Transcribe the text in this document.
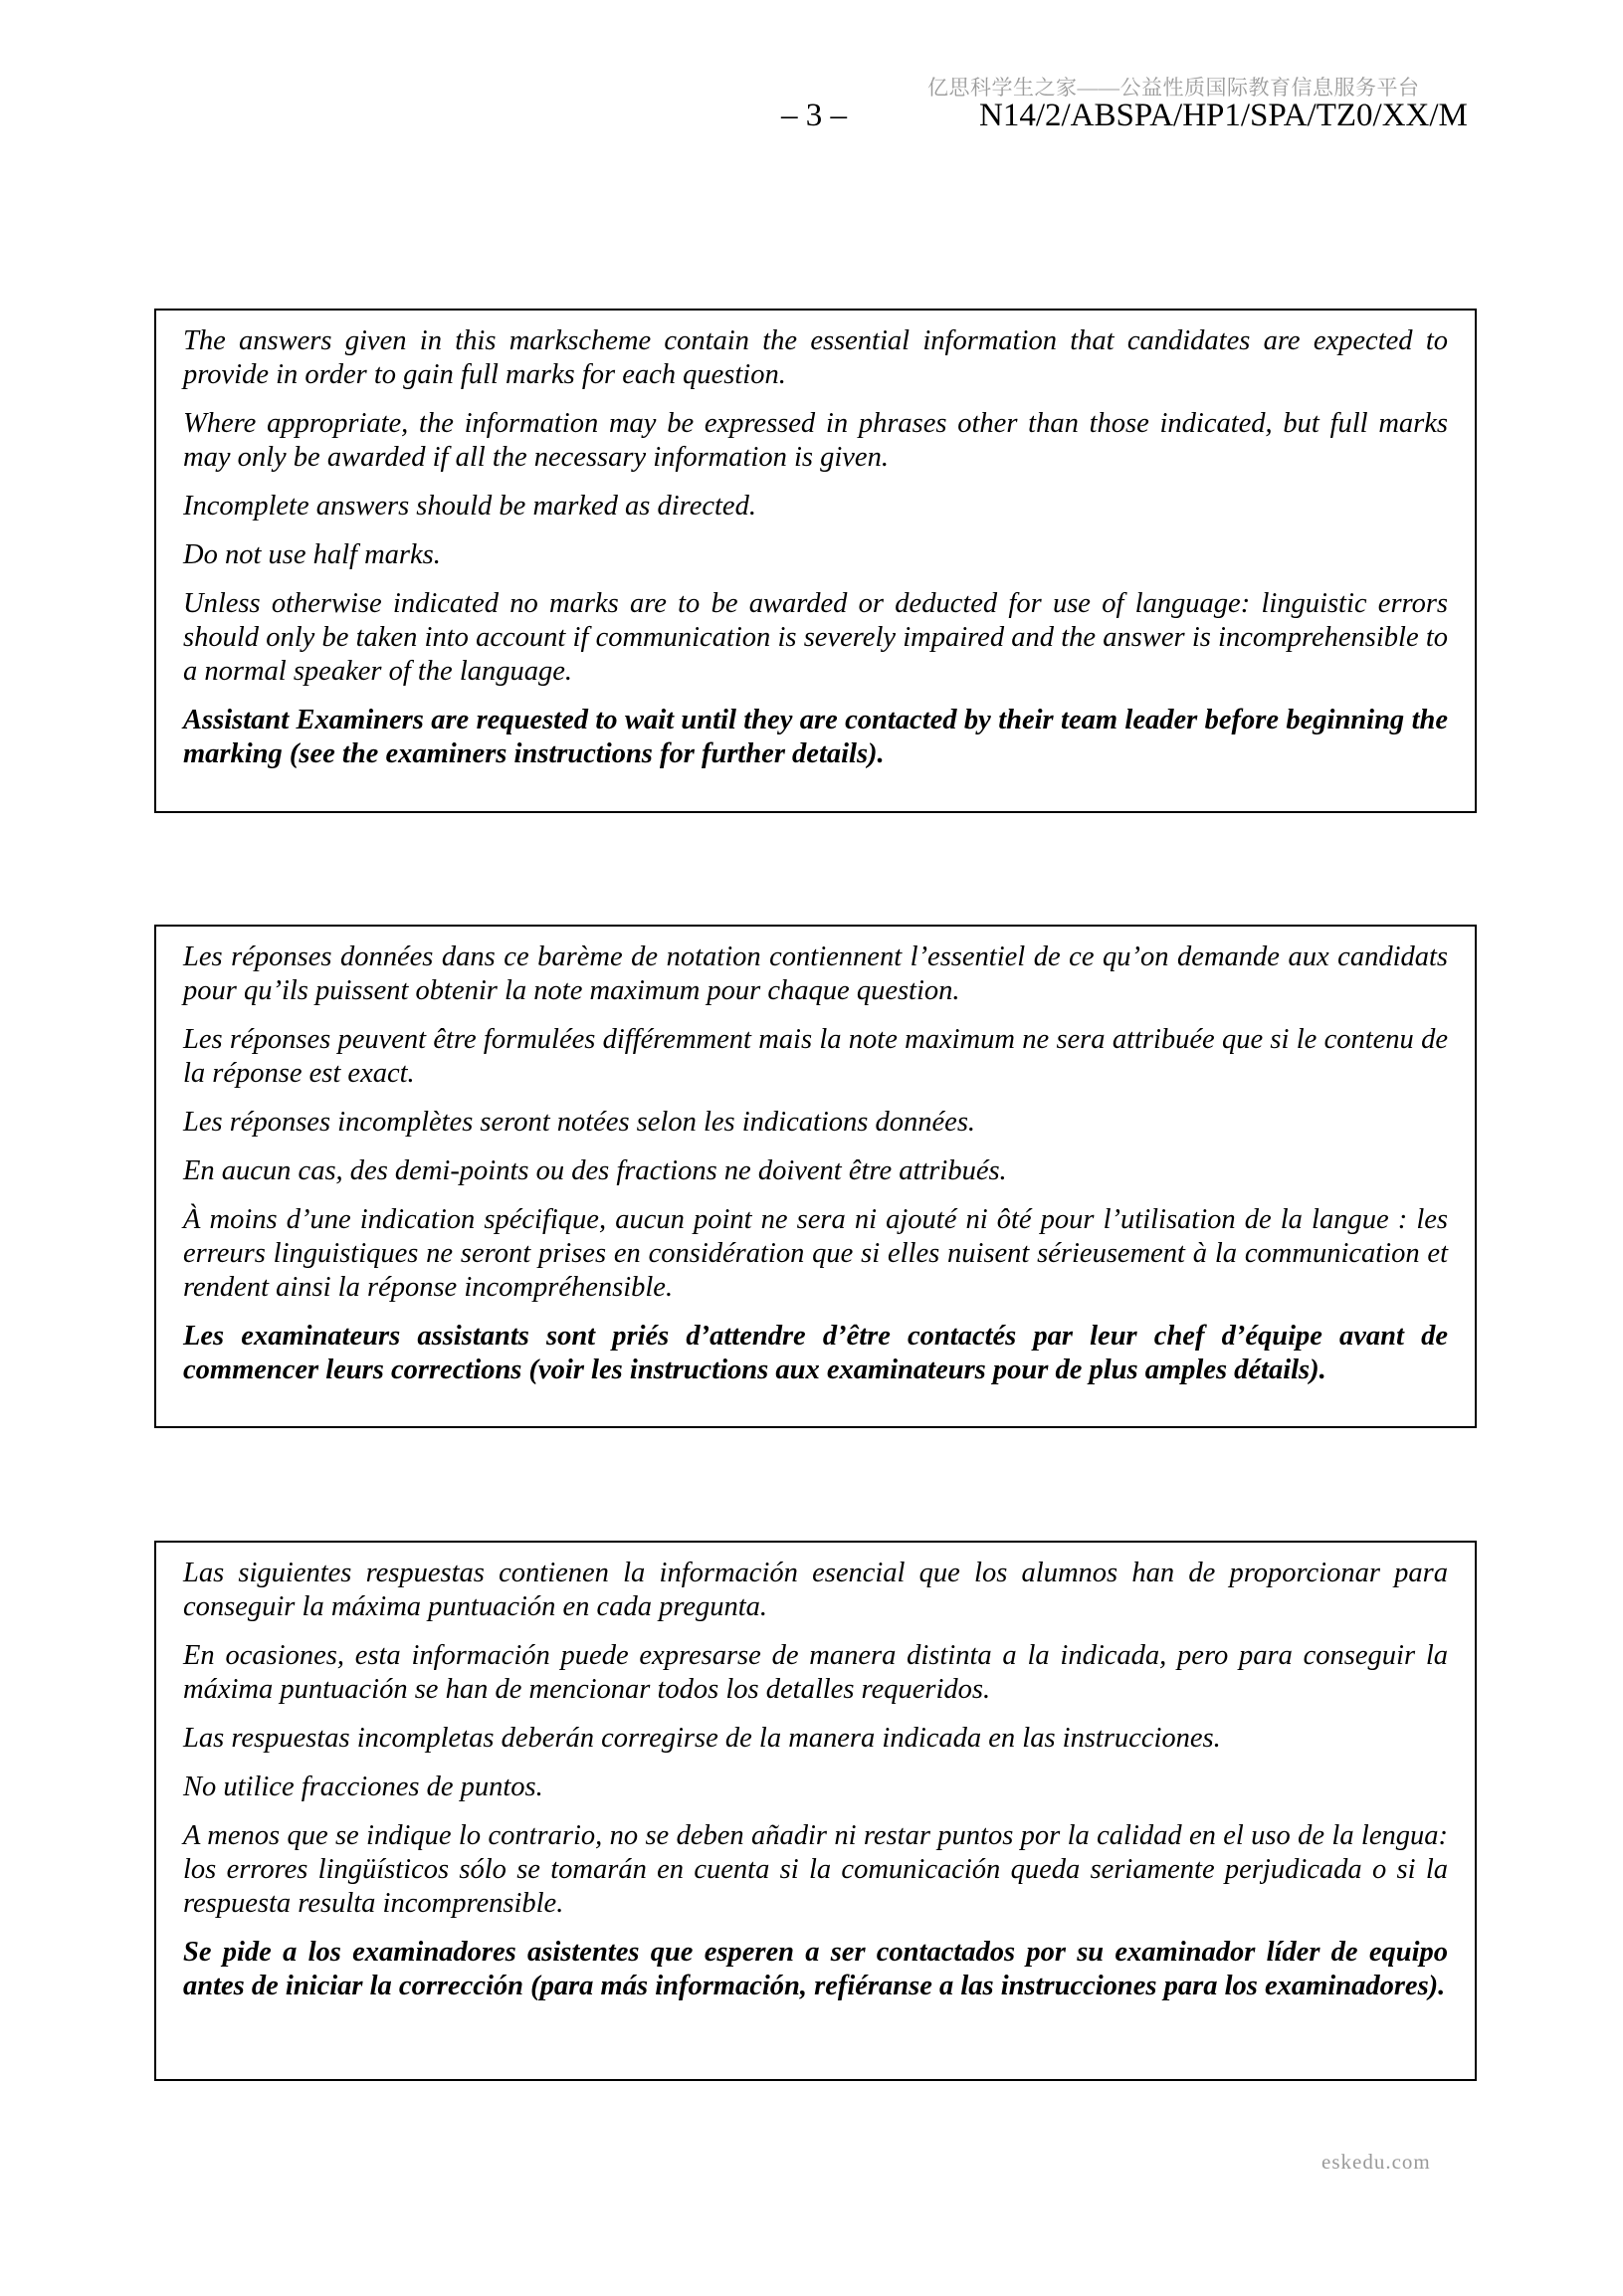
亿思科学生之家——公益性质国际教育信息服务平台
– 3 –	N14/2/ABSPA/HP1/SPA/TZ0/XX/M

The answers given in this markscheme contain the essential information that candidates are expected to provide in order to gain full marks for each question.

Where appropriate, the information may be expressed in phrases other than those indicated, but full marks may only be awarded if all the necessary information is given.

Incomplete answers should be marked as directed.

Do not use half marks.

Unless otherwise indicated no marks are to be awarded or deducted for use of language: linguistic errors should only be taken into account if communication is severely impaired and the answer is incomprehensible to a normal speaker of the language.

Assistant Examiners are requested to wait until they are contacted by their team leader before beginning the marking (see the examiners instructions for further details).

Les réponses données dans ce barème de notation contiennent l’essentiel de ce qu’on demande aux candidats pour qu’ils puissent obtenir la note maximum pour chaque question.

Les réponses peuvent être formulées différemment mais la note maximum ne sera attribuée que si le contenu de la réponse est exact.

Les réponses incomplètes seront notées selon les indications données.

En aucun cas, des demi-points ou des fractions ne doivent être attribués.

À moins d’une indication spécifique, aucun point ne sera ni ajouté ni ôté pour l’utilisation de la langue : les erreurs linguistiques ne seront prises en considération que si elles nuisent sérieusement à la communication et rendent ainsi la réponse incompréhensible.

Les examinateurs assistants sont priés d’attendre d’être contactés par leur chef d’équipe avant de commencer leurs corrections (voir les instructions aux examinateurs pour de plus amples détails).

Las siguientes respuestas contienen la información esencial que los alumnos han de proporcionar para conseguir la máxima puntuación en cada pregunta.

En ocasiones, esta información puede expresarse de manera distinta a la indicada, pero para conseguir la máxima puntuación se han de mencionar todos los detalles requeridos.

Las respuestas incompletas deberán corregirse de la manera indicada en las instrucciones.

No utilice fracciones de puntos.

A menos que se indique lo contrario, no se deben añadir ni restar puntos por la calidad en el uso de la lengua: los errores lingüísticos sólo se tomarán en cuenta si la comunicación queda seriamente perjudicada o si la respuesta resulta incomprensible.

Se pide a los examinadores asistentes que esperen a ser contactados por su examinador líder de equipo antes de iniciar la corrección (para más información, refiéranse a las instrucciones para los examinadores).

eskedu.com
